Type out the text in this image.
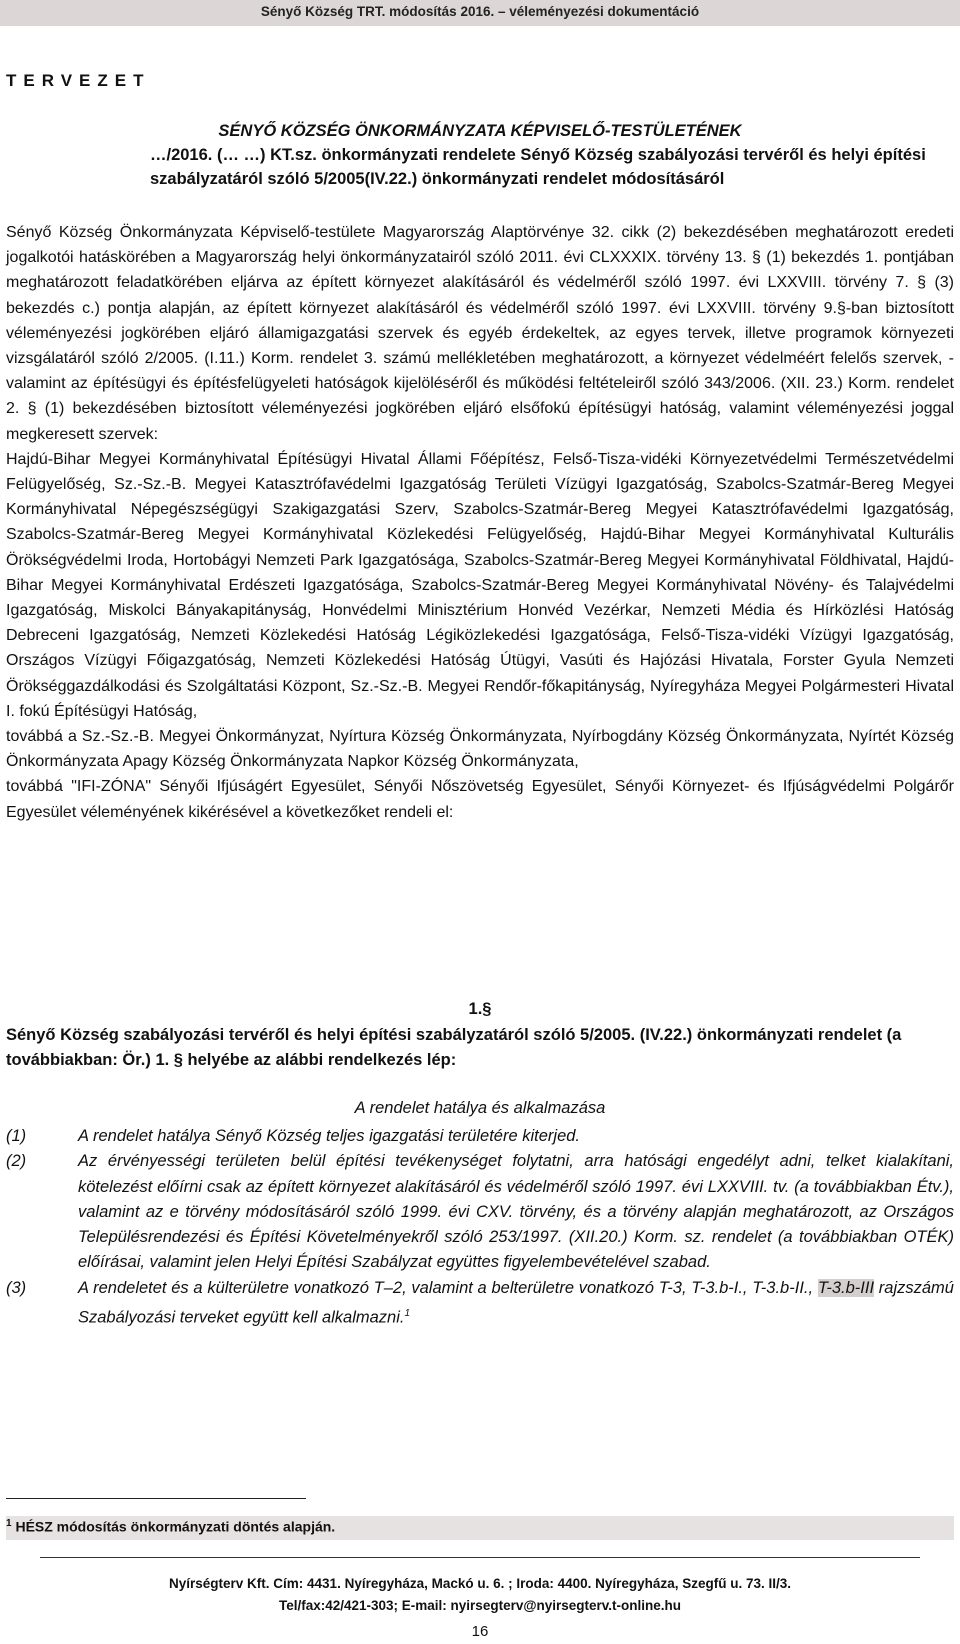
Sényő Község TRT. módosítás 2016. – véleményezési dokumentáció

TERVEZET

SÉNYŐ KÖZSÉG ÖNKORMÁNYZATA KÉPVISELŐ-TESTÜLETÉNEK

…/2016. (… …) KT.sz. önkormányzati rendelete Sényő Község szabályozási tervéről és helyi építési szabályzatáról szóló 5/2005(IV.22.) önkormányzati rendelet módosításáról

Sényő Község Önkormányzata Képviselő-testülete Magyarország Alaptörvénye 32. cikk (2) bekezdésében meghatározott eredeti jogalkotói hatáskörében a Magyarország helyi önkormányzatairól szóló 2011. évi CLXXXIX. törvény 13. § (1) bekezdés 1. pontjában meghatározott feladatkörében eljárva az épített környezet alakításáról és védelméről szóló 1997. évi LXXVIII. törvény 7. § (3) bekezdés c.) pontja alapján, az épített környezet alakításáról és védelméről szóló 1997. évi LXXVIII. törvény 9.§-ban biztosított véleményezési jogkörében eljáró államigazgatási szervek és egyéb érdekeltek, az egyes tervek, illetve programok környezeti vizsgálatáról szóló 2/2005. (I.11.) Korm. rendelet 3. számú mellékletében meghatározott, a környezet védelméért felelős szervek, - valamint az építésügyi és építésfelügyeleti hatóságok kijelöléséről és működési feltételeiről szóló 343/2006. (XII. 23.) Korm. rendelet 2. § (1) bekezdésében biztosított véleményezési jogkörében eljáró elsőfokú építésügyi hatóság, valamint véleményezési joggal megkeresett szervek:
Hajdú-Bihar Megyei Kormányhivatal Építésügyi Hivatal Állami Főépítész, Felső-Tisza-vidéki Környezetvédelmi Természetvédelmi Felügyelőség, Sz.-Sz.-B. Megyei Katasztrófavédelmi Igazgatóság Területi Vízügyi Igazgatóság, Szabolcs-Szatmár-Bereg Megyei Kormányhivatal Népegészségügyi Szakigazgatási Szerv, Szabolcs-Szatmár-Bereg Megyei Katasztrófavédelmi Igazgatóság, Szabolcs-Szatmár-Bereg Megyei Kormányhivatal Közlekedési Felügyelőség, Hajdú-Bihar Megyei Kormányhivatal Kulturális Örökségvédelmi Iroda, Hortobágyi Nemzeti Park Igazgatósága, Szabolcs-Szatmár-Bereg Megyei Kormányhivatal Földhivatal, Hajdú-Bihar Megyei Kormányhivatal Erdészeti Igazgatósága, Szabolcs-Szatmár-Bereg Megyei Kormányhivatal Növény- és Talajvédelmi Igazgatóság, Miskolci Bányakapitányság, Honvédelmi Minisztérium Honvéd Vezérkar, Nemzeti Média és Hírközlési Hatóság Debreceni Igazgatóság, Nemzeti Közlekedési Hatóság Légiközlekedési Igazgatósága, Felső-Tisza-vidéki Vízügyi Igazgatóság, Országos Vízügyi Főigazgatóság, Nemzeti Közlekedési Hatóság Útügyi, Vasúti és Hajózási Hivatala, Forster Gyula Nemzeti Örökséggazdálkodási és Szolgáltatási Központ, Sz.-Sz.-B. Megyei Rendőr-főkapitányság, Nyíregyháza Megyei Polgármesteri Hivatal I. fokú Építésügyi Hatóság,
továbbá a Sz.-Sz.-B. Megyei Önkormányzat, Nyírtura Község Önkormányzata, Nyírbogdány Község Önkormányzata, Nyírtét Község Önkormányzata Apagy Község Önkormányzata Napkor Község Önkormányzata,
továbbá "IFI-ZÓNA" Sényői Ifjúságért Egyesület, Sényői Nőszövetség Egyesület, Sényői Környezet- és Ifjúságvédelmi Polgárőr Egyesület véleményének kikérésével a következőket rendeli el:

1.§

Sényő Község szabályozási tervéről és helyi építési szabályzatáról szóló 5/2005. (IV.22.) önkormányzati rendelet (a továbbiakban: Ör.) 1. § helyébe az alábbi rendelkezés lép:

A rendelet hatálya és alkalmazása

(1)	A rendelet hatálya Sényő Község teljes igazgatási területére kiterjed.
(2)	Az érvényességi területen belül építési tevékenységet folytatni, arra hatósági engedélyt adni, telket kialakítani, kötelezést előírni csak az épített környezet alakításáról és védelméről szóló 1997. évi LXXVIII. tv. (a továbbiakban Étv.), valamint az e törvény módosításáról szóló 1999. évi CXV. törvény, és a törvény alapján meghatározott, az Országos Településrendezési és Építési Követelményekről szóló 253/1997. (XII.20.) Korm. sz. rendelet (a továbbiakban OTÉK) előírásai, valamint jelen Helyi Építési Szabályzat együttes figyelembevételével szabad.
(3)	A rendeletet és a külterületre vonatkozó T–2, valamint a belterületre vonatkozó T-3, T-3.b-I., T-3.b-II., T-3.b-III rajzszámú Szabályozási terveket együtt kell alkalmazni.$^1$

$^1$ HÉSZ módosítás önkormányzati döntés alapján.

Nyírségterv Kft. Cím: 4431. Nyíregyháza, Mackó u. 6. ; Iroda: 4400. Nyíregyháza, Szegfű u. 73. II/3.
Tel/fax:42/421-303; E-mail: nyirsegterv@nyirsegterv.t-online.hu

16
